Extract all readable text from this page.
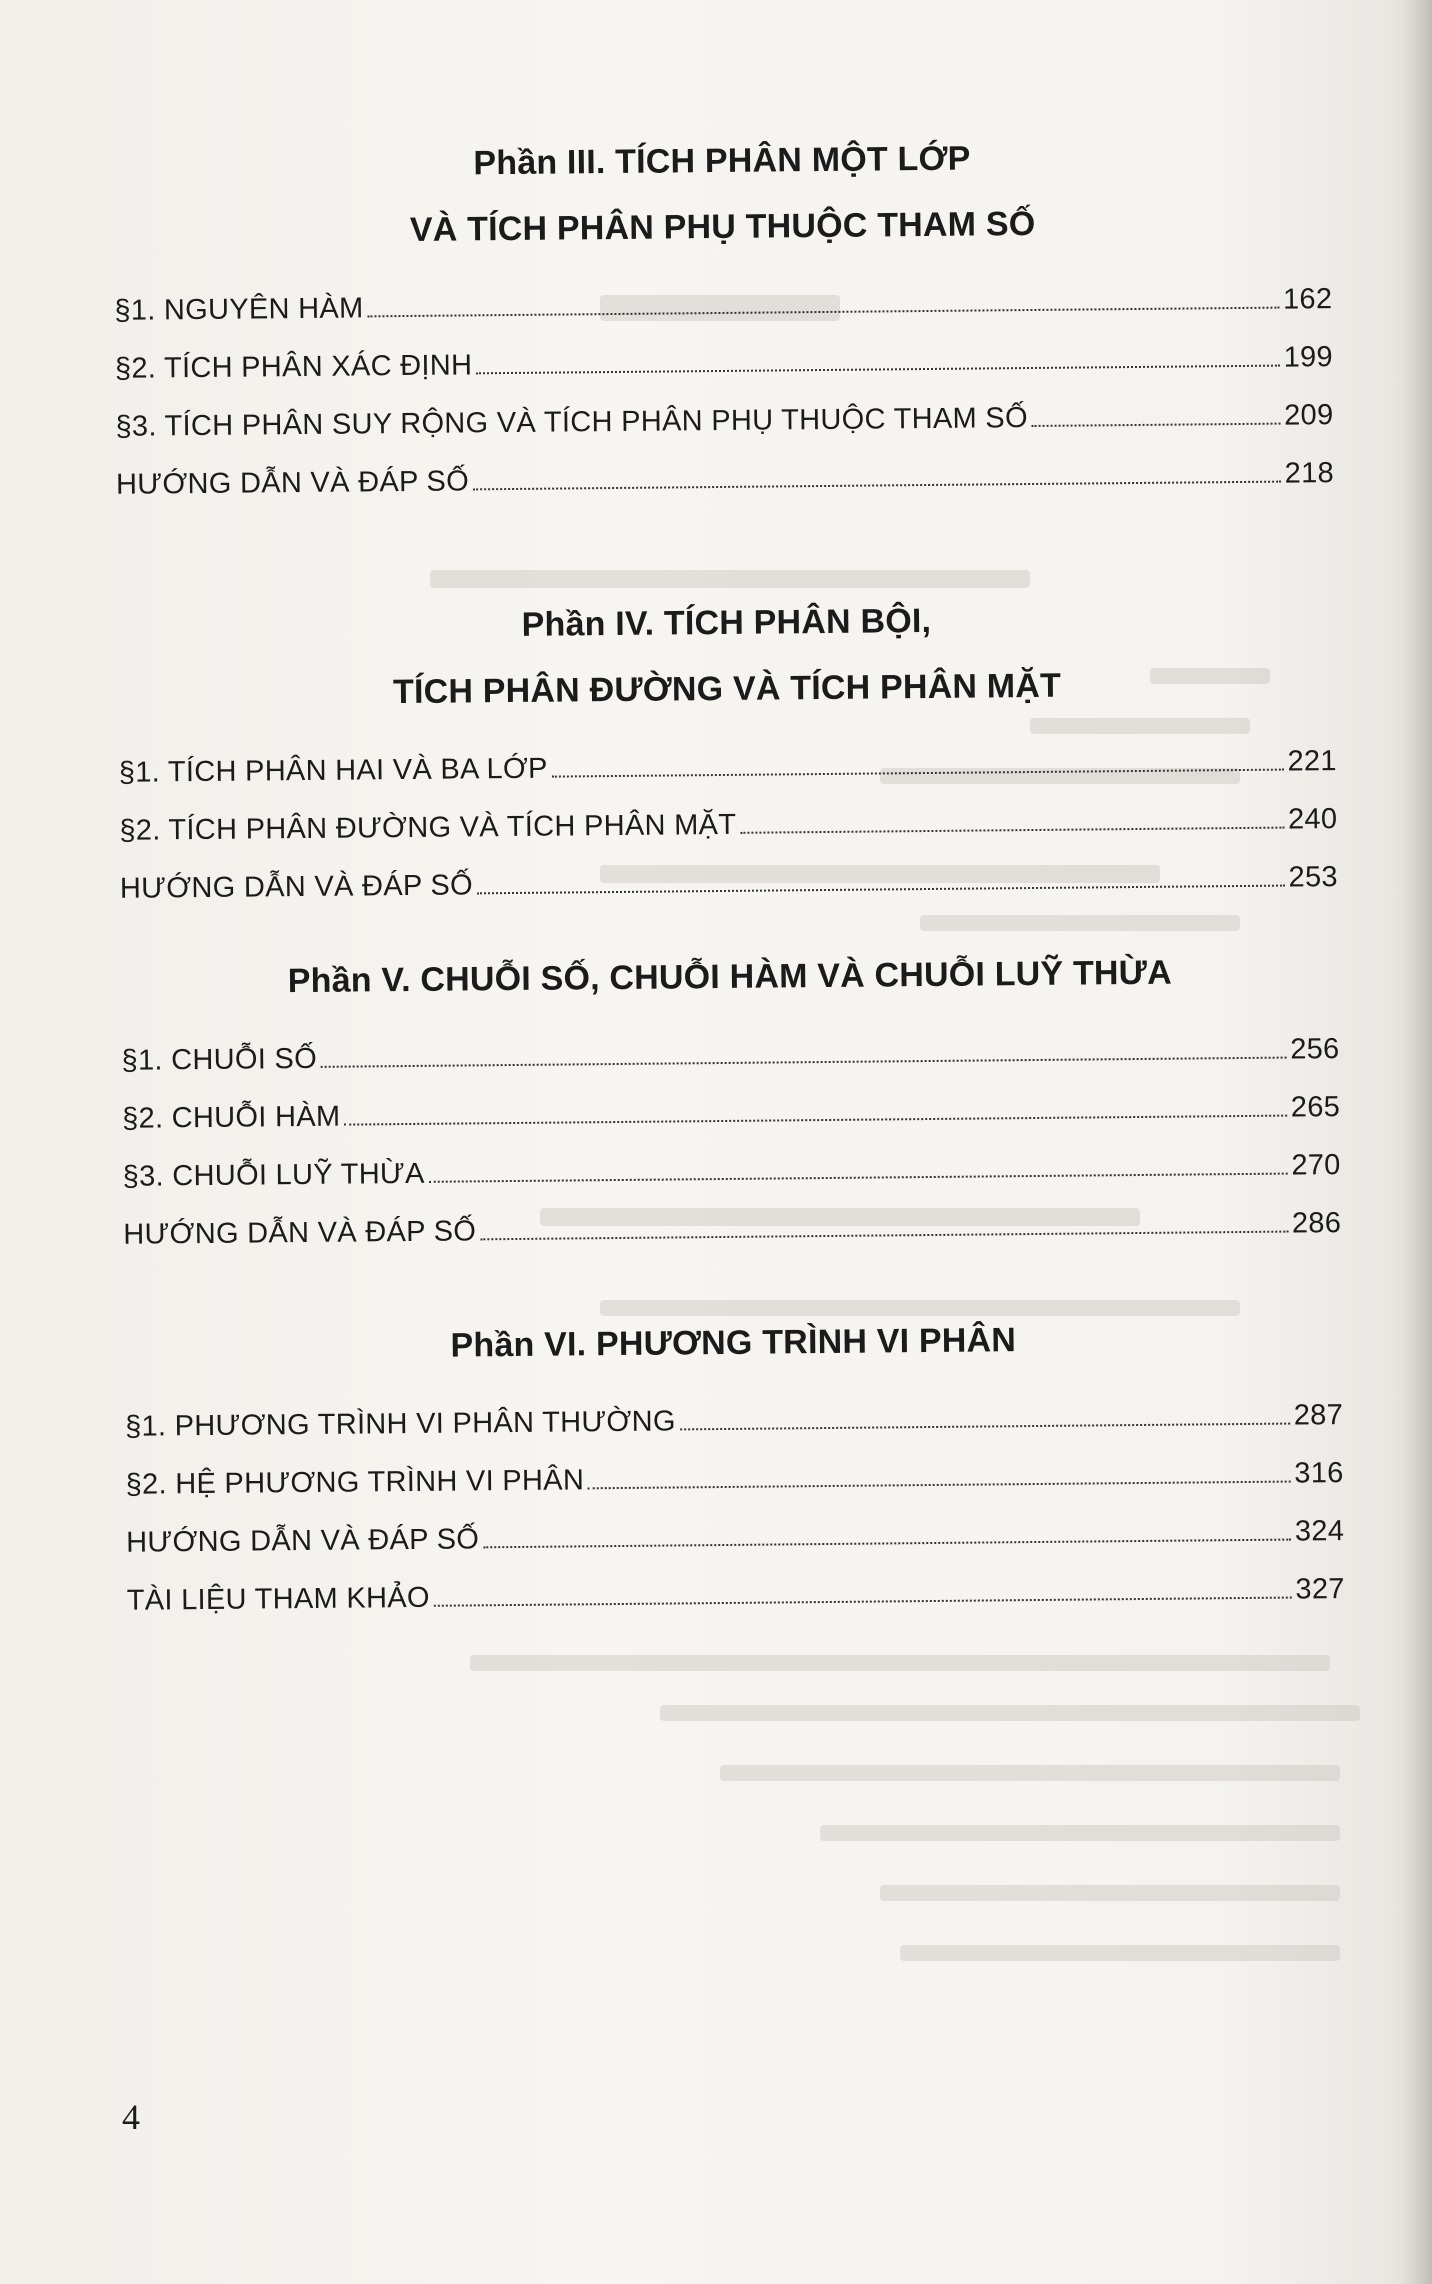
Phần III. TÍCH PHÂN MỘT LỚP
VÀ TÍCH PHÂN PHỤ THUỘC THAM SỐ
§1. NGUYÊN HÀM	162
§2. TÍCH PHÂN XÁC ĐỊNH	199
§3. TÍCH PHÂN SUY RỘNG VÀ TÍCH PHÂN PHỤ THUỘC THAM SỐ	209
HƯỚNG DẪN VÀ ĐÁP SỐ	218
Phần IV. TÍCH PHÂN BỘI,
TÍCH PHÂN ĐƯỜNG VÀ TÍCH PHÂN MẶT
§1. TÍCH PHÂN HAI VÀ BA LỚP	221
§2. TÍCH PHÂN ĐƯỜNG VÀ TÍCH PHÂN MẶT	240
HƯỚNG DẪN VÀ ĐÁP SỐ	253
Phần V. CHUỖI SỐ, CHUỖI HÀM VÀ CHUỖI LUỸ THỪA
§1. CHUỖI SỐ	256
§2. CHUỖI HÀM	265
§3. CHUỖI LUỸ THỪA	270
HƯỚNG DẪN VÀ ĐÁP SỐ	286
Phần VI. PHƯƠNG TRÌNH VI PHÂN
§1. PHƯƠNG TRÌNH VI PHÂN THƯỜNG	287
§2. HỆ PHƯƠNG TRÌNH VI PHÂN	316
HƯỚNG DẪN VÀ ĐÁP SỐ	324
TÀI LIỆU THAM KHẢO	327
4
